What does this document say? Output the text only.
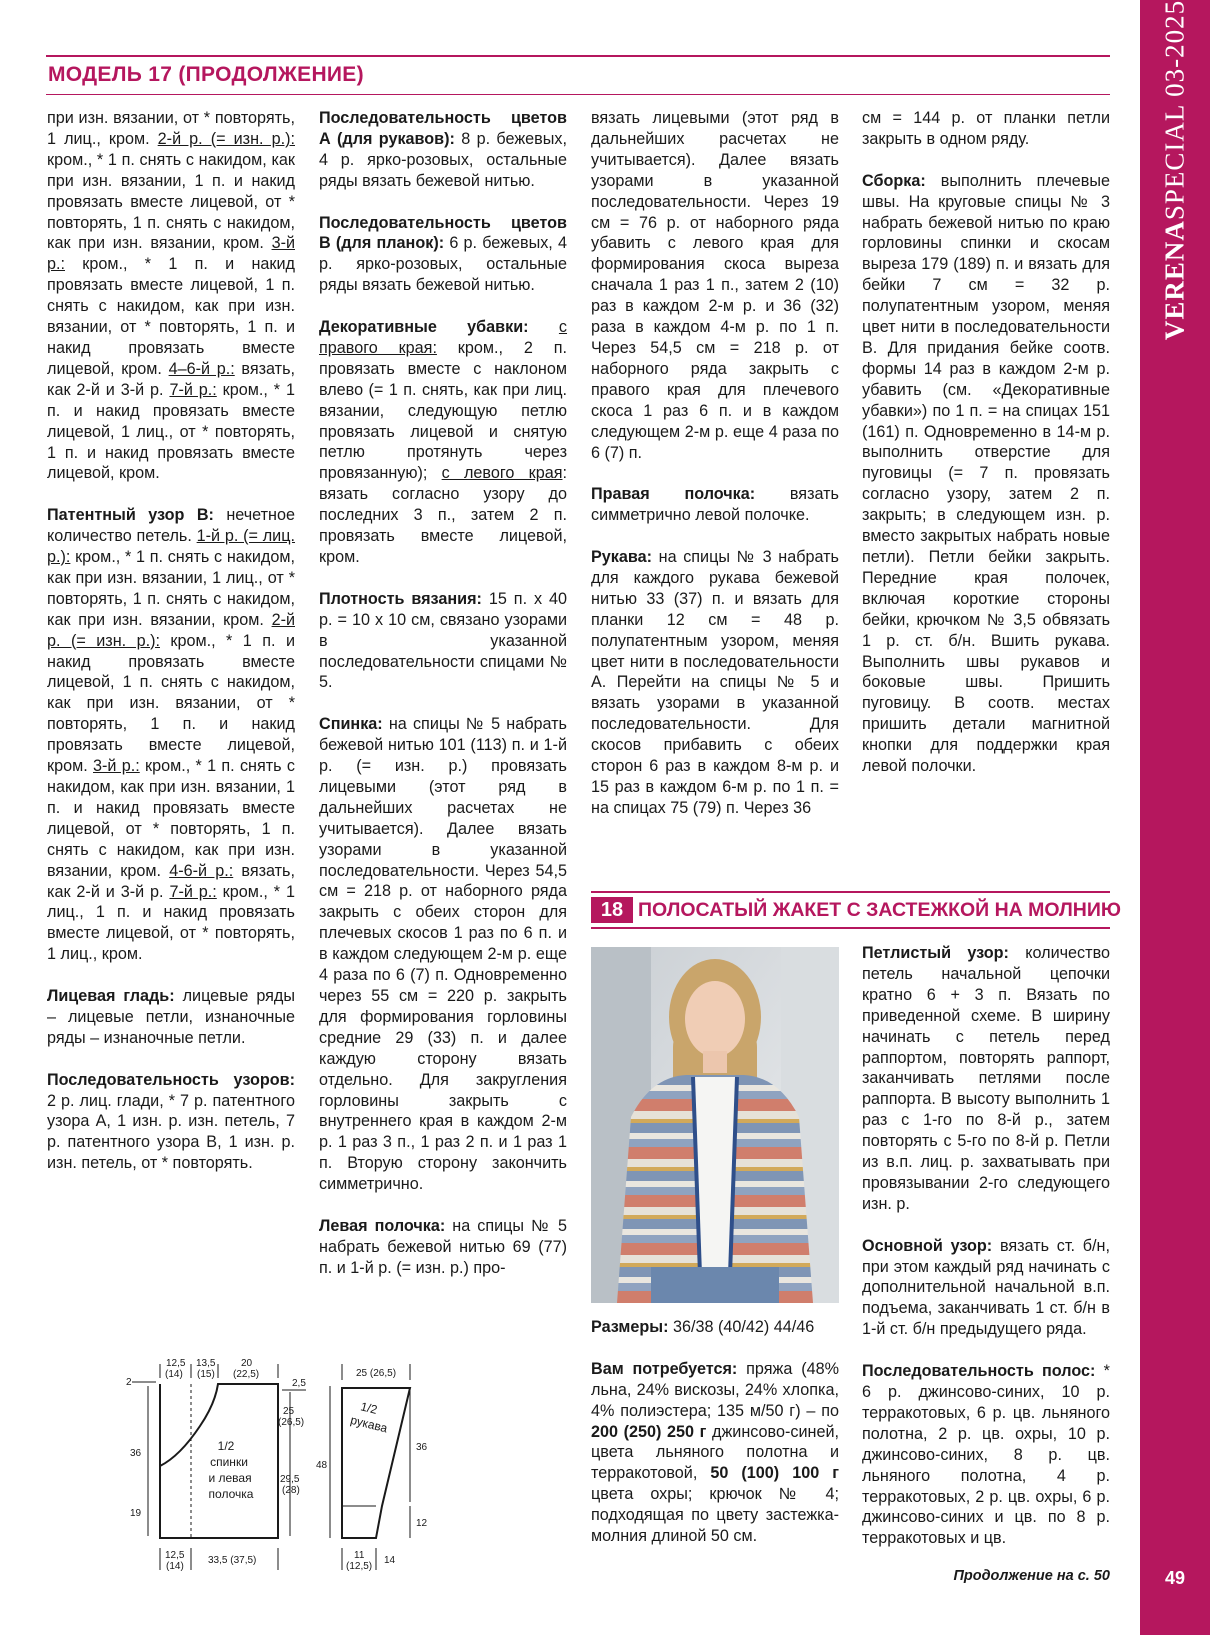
VERENASPECIAL 03-2025
49
МОДЕЛЬ 17 (ПРОДОЛЖЕНИЕ)

при изн. вязании, от * повторять, 1 лиц., кром. 2-й р. (= изн. р.): кром., * 1 п. снять с накидом, как при изн. вязании, 1 п. и накид провязать вместе лицевой, от * повторять, 1 п. снять с накидом, как при изн. вязании, кром. 3-й р.: кром., * 1 п. и накид провязать вместе лицевой, 1 п. снять с накидом, как при изн. вязании, от * повторять, 1 п. и накид провязать вместе лицевой, кром. 4–6-й р.: вязать, как 2-й и 3-й р. 7-й р.: кром., * 1 п. и накид провязать вместе лицевой, 1 лиц., от * повторять, 1 п. и накид провязать вместе лицевой, кром.

Патентный узор В: нечетное количество петель. 1-й р. (= лиц. р.): кром., * 1 п. снять с накидом, как при изн. вязании, 1 лиц., от * повторять, 1 п. снять с накидом, как при изн. вязании, кром. 2-й р. (= изн. р.): кром., * 1 п. и накид провязать вместе лицевой, 1 п. снять с накидом, как при изн. вязании, от * повторять, 1 п. и накид провязать вместе лицевой, кром. 3-й р.: кром., * 1 п. снять с накидом, как при изн. вязании, 1 п. и накид провязать вместе лицевой, от * повторять, 1 п. снять с накидом, как при изн. вязании, кром. 4-6-й р.: вязать, как 2-й и 3-й р. 7-й р.: кром., * 1 лиц., 1 п. и накид провязать вместе лицевой, от * повторять, 1 лиц., кром.

Лицевая гладь: лицевые ряды – лицевые петли, изнаночные ряды – изнаночные петли.

Последовательность узоров: 2 р. лиц. глади, * 7 р. патентного узора А, 1 изн. р. изн. петель, 7 р. патентного узора В, 1 изн. р. изн. петель, от * повторять.

Последовательность цветов А (для рукавов): 8 р. бежевых, 4 р. ярко-розовых, остальные ряды вязать бежевой нитью.

Последовательность цветов В (для планок): 6 р. бежевых, 4 р. ярко-розовых, остальные ряды вязать бежевой нитью.

Декоративные убавки: с правого края: кром., 2 п. провязать вместе с наклоном влево (= 1 п. снять, как при лиц. вязании, следующую петлю провязать лицевой и снятую петлю протянуть через провязанную); с левого края: вязать согласно узору до последних 3 п., затем 2 п. провязать вместе лицевой, кром.

Плотность вязания: 15 п. х 40 р. = 10 х 10 см, связано узорами в указанной последовательности спицами № 5.

Спинка: на спицы № 5 набрать бежевой нитью 101 (113) п. и 1-й р. (= изн. р.) провязать лицевыми (этот ряд в дальнейших расчетах не учитывается). Далее вязать узорами в указанной последовательности. Через 54,5 см = 218 р. от наборного ряда закрыть с обеих сторон для плечевых скосов 1 раз по 6 п. и в каждом следующем 2-м р. еще 4 раза по 6 (7) п. Одновременно через 55 см = 220 р. закрыть для формирования горловины средние 29 (33) п. и далее каждую сторону вязать отдельно. Для закругления горловины закрыть с внутреннего края в каждом 2-м р. 1 раз 3 п., 1 раз 2 п. и 1 раз 1 п. Вторую сторону закончить симметрично.

Левая полочка: на спицы № 5 набрать бежевой нитью 69 (77) п. и 1-й р. (= изн. р.) про-

вязать лицевыми (этот ряд в дальнейших расчетах не учитывается). Далее вязать узорами в указанной последовательности. Через 19 см = 76 р. от наборного ряда убавить с левого края для формирования скоса выреза сначала 1 раз 1 п., затем 2 (10) раз в каждом 2-м р. и 36 (32) раза в каждом 4-м р. по 1 п. Через 54,5 см = 218 р. от наборного ряда закрыть с правого края для плечевого скоса 1 раз 6 п. и в каждом следующем 2-м р. еще 4 раза по 6 (7) п.

Правая полочка: вязать симметрично левой полочке.

Рукава: на спицы № 3 набрать для каждого рукава бежевой нитью 33 (37) п. и вязать для планки 12 см = 48 р. полупатентным узором, меняя цвет нити в последовательности А. Перейти на спицы № 5 и вязать узорами в указанной последовательности. Для скосов прибавить с обеих сторон 6 раз в каждом 8-м р. и 15 раз в каждом 6-м р. по 1 п. = на спицах 75 (79) п. Через 36

см = 144 р. от планки петли закрыть в одном ряду.

Сборка: выполнить плечевые швы. На круговые спицы № 3 набрать бежевой нитью по краю горловины спинки и скосам выреза 179 (189) п. и вязать для бейки 7 см = 32 р. полупатентным узором, меняя цвет нити в последовательности В. Для придания бейке соотв. формы 14 раз в каждом 2-м р. убавить (см. «Декоративные убавки») по 1 п. = на спицах 151 (161) п. Одновременно в 14-м р. выполнить отверстие для пуговицы (= 7 п. провязать согласно узору, затем 2 п. закрыть; в следующем изн. р. вместо закрытых набрать новые петли). Петли бейки закрыть. Передние края полочек, включая короткие стороны бейки, крючком № 3,5 обвязать 1 р. ст. б/н. Вшить рукава. Выполнить швы рукавов и боковые швы. Пришить пуговицу. В соотв. местах пришить детали магнитной кнопки для поддержки края левой полочки.

18 ПОЛОСАТЫЙ ЖАКЕТ С ЗАСТЕЖКОЙ НА МОЛНИЮ

Размеры: 36/38 (40/42) 44/46

Вам потребуется: пряжа (48% льна, 24% вискозы, 24% хлопка, 4% полиэстера; 135 м/50 г) – по 200 (250) 250 г джинсово-синей, цвета льняного полотна и терракотовой, 50 (100) 100 г цвета охры; крючок № 4; подходящая по цвету застежка-молния длиной 50 см.

Петлистый узор: количество петель начальной цепочки кратно 6 + 3 п. Вязать по приведенной схеме. В ширину начинать с петель перед раппортом, повторять раппорт, заканчивать петлями после раппорта. В высоту выполнить 1 раз с 1-го по 8-й р., затем повторять с 5-го по 8-й р. Петли из в.п. лиц. р. захватывать при провязывании 2-го следующего изн. р.

Основной узор: вязать ст. б/н, при этом каждый ряд начинать с дополнительной начальной в.п. подъема, заканчивать 1 ст. б/н в 1-й ст. б/н предыдущего ряда.

Последовательность полос: * 6 р. джинсово-синих, 10 р. терракотовых, 6 р. цв. льняного полотна, 2 р. цв. охры, 10 р. джинсово-синих, 8 р. цв. льняного полотна, 4 р. терракотовых, 2 р. цв. охры, 6 р. джинсово-синих и цв. по 8 р. терракотовых и цв.

Продолжение на с. 50
12,5
(14)
13,5
(15)
20
(22,5)
2
36
19
2,5
25
(26,5)
29,5
(28)
1/2
спинки
и левая
полочка
12,5
(14)
33,5 (37,5)
25 (26,5)
48
36
12
1/2
рукава
11
(12,5)
14
